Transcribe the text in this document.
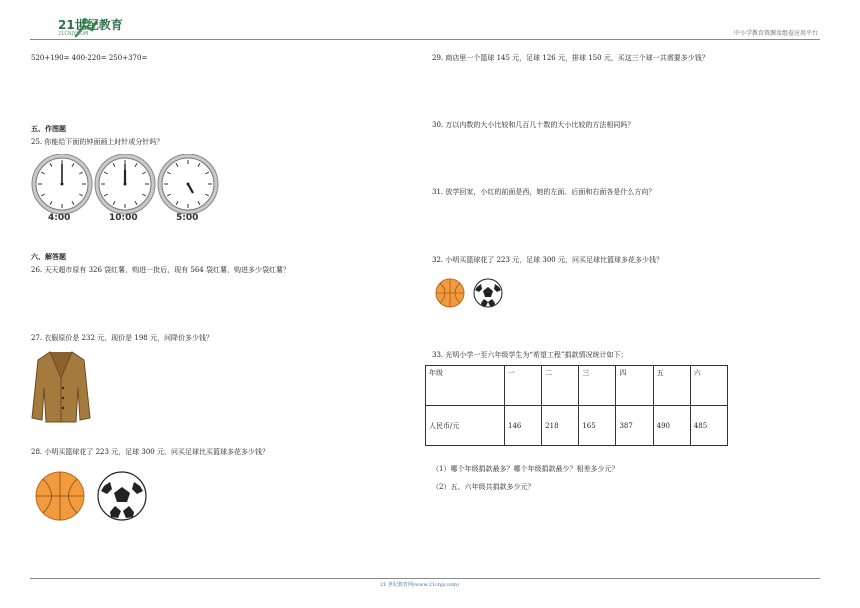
21世纪教育
21CNJY.COM	中小学教育资源及组卷应用平台
520+190= 400-220= 250+370=
五、作图题
25. 你能给下面的钟面画上时针或分针吗？
4:00	10:00	5:00
六、解答题
26. 天天超市原有 326 袋红薯，购进一批后，现有 564 袋红薯，购进多少袋红薯？
27. 衣服原价是 232 元，现价是 198 元，问降价多少钱？
28. 小明买篮球花了 223 元，足球 300 元，问买足球比买篮球多花多少钱？
29. 商店里一个篮球 145 元，足球 126 元，排球 150 元，买这三个球一共需要多少钱？
30. 万以内数的大小比较和几百几十数的大小比较的方法相同吗？
31. 放学回家，小红的前面是西，她的左面、后面和右面各是什么方向？
32. 小明买篮球花了 223 元，足球 300 元，问买足球比篮球多花多少钱？
33. 光明小学一至六年级学生为“希望工程”捐款情况统计如下：
年级	一	二	三	四	五	六
人民币/元	146	218	165	387	490	485
（1）哪个年级捐款最多？哪个年级捐款最少？相差多少元？
（2）五、六年级共捐款多少元？
21 世纪教育网(www.21cnjy.com)
